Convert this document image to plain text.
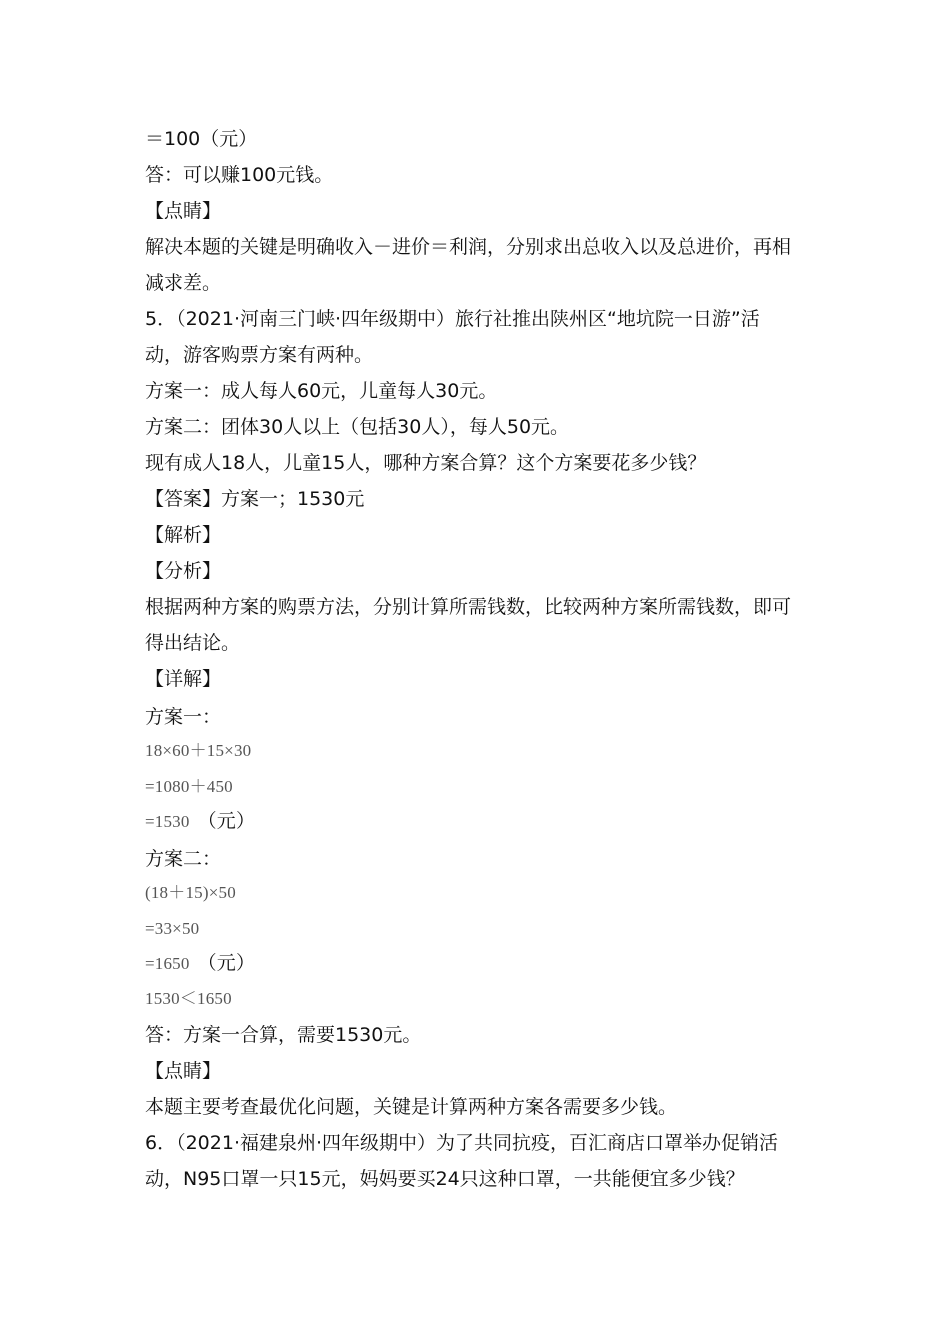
＝100（元）
答：可以赚100元钱。
【点睛】
解决本题的关键是明确收入－进价＝利润，分别求出总收入以及总进价，再相
减求差。
5．（2021·河南三门峡·四年级期中）旅行社推出陕州区“地坑院一日游”活
动，游客购票方案有两种。
方案一：成人每人60元，儿童每人30元。
方案二：团体30人以上（包括30人），每人50元。
现有成人18人，儿童15人，哪种方案合算？这个方案要花多少钱？
【答案】方案一；1530元
【解析】
【分析】
根据两种方案的购票方法，分别计算所需钱数，比较两种方案所需钱数，即可
得出结论。
【详解】
方案一：
18×60＋15×30
=1080＋450
=1530 （元）
方案二：
(18＋15)×50
=33×50
=1650 （元）
1530＜1650
答：方案一合算，需要1530元。
【点睛】
本题主要考查最优化问题，关键是计算两种方案各需要多少钱。
6．（2021·福建泉州·四年级期中）为了共同抗疫，百汇商店口罩举办促销活
动，N95口罩一只15元，妈妈要买24只这种口罩，一共能便宜多少钱？
